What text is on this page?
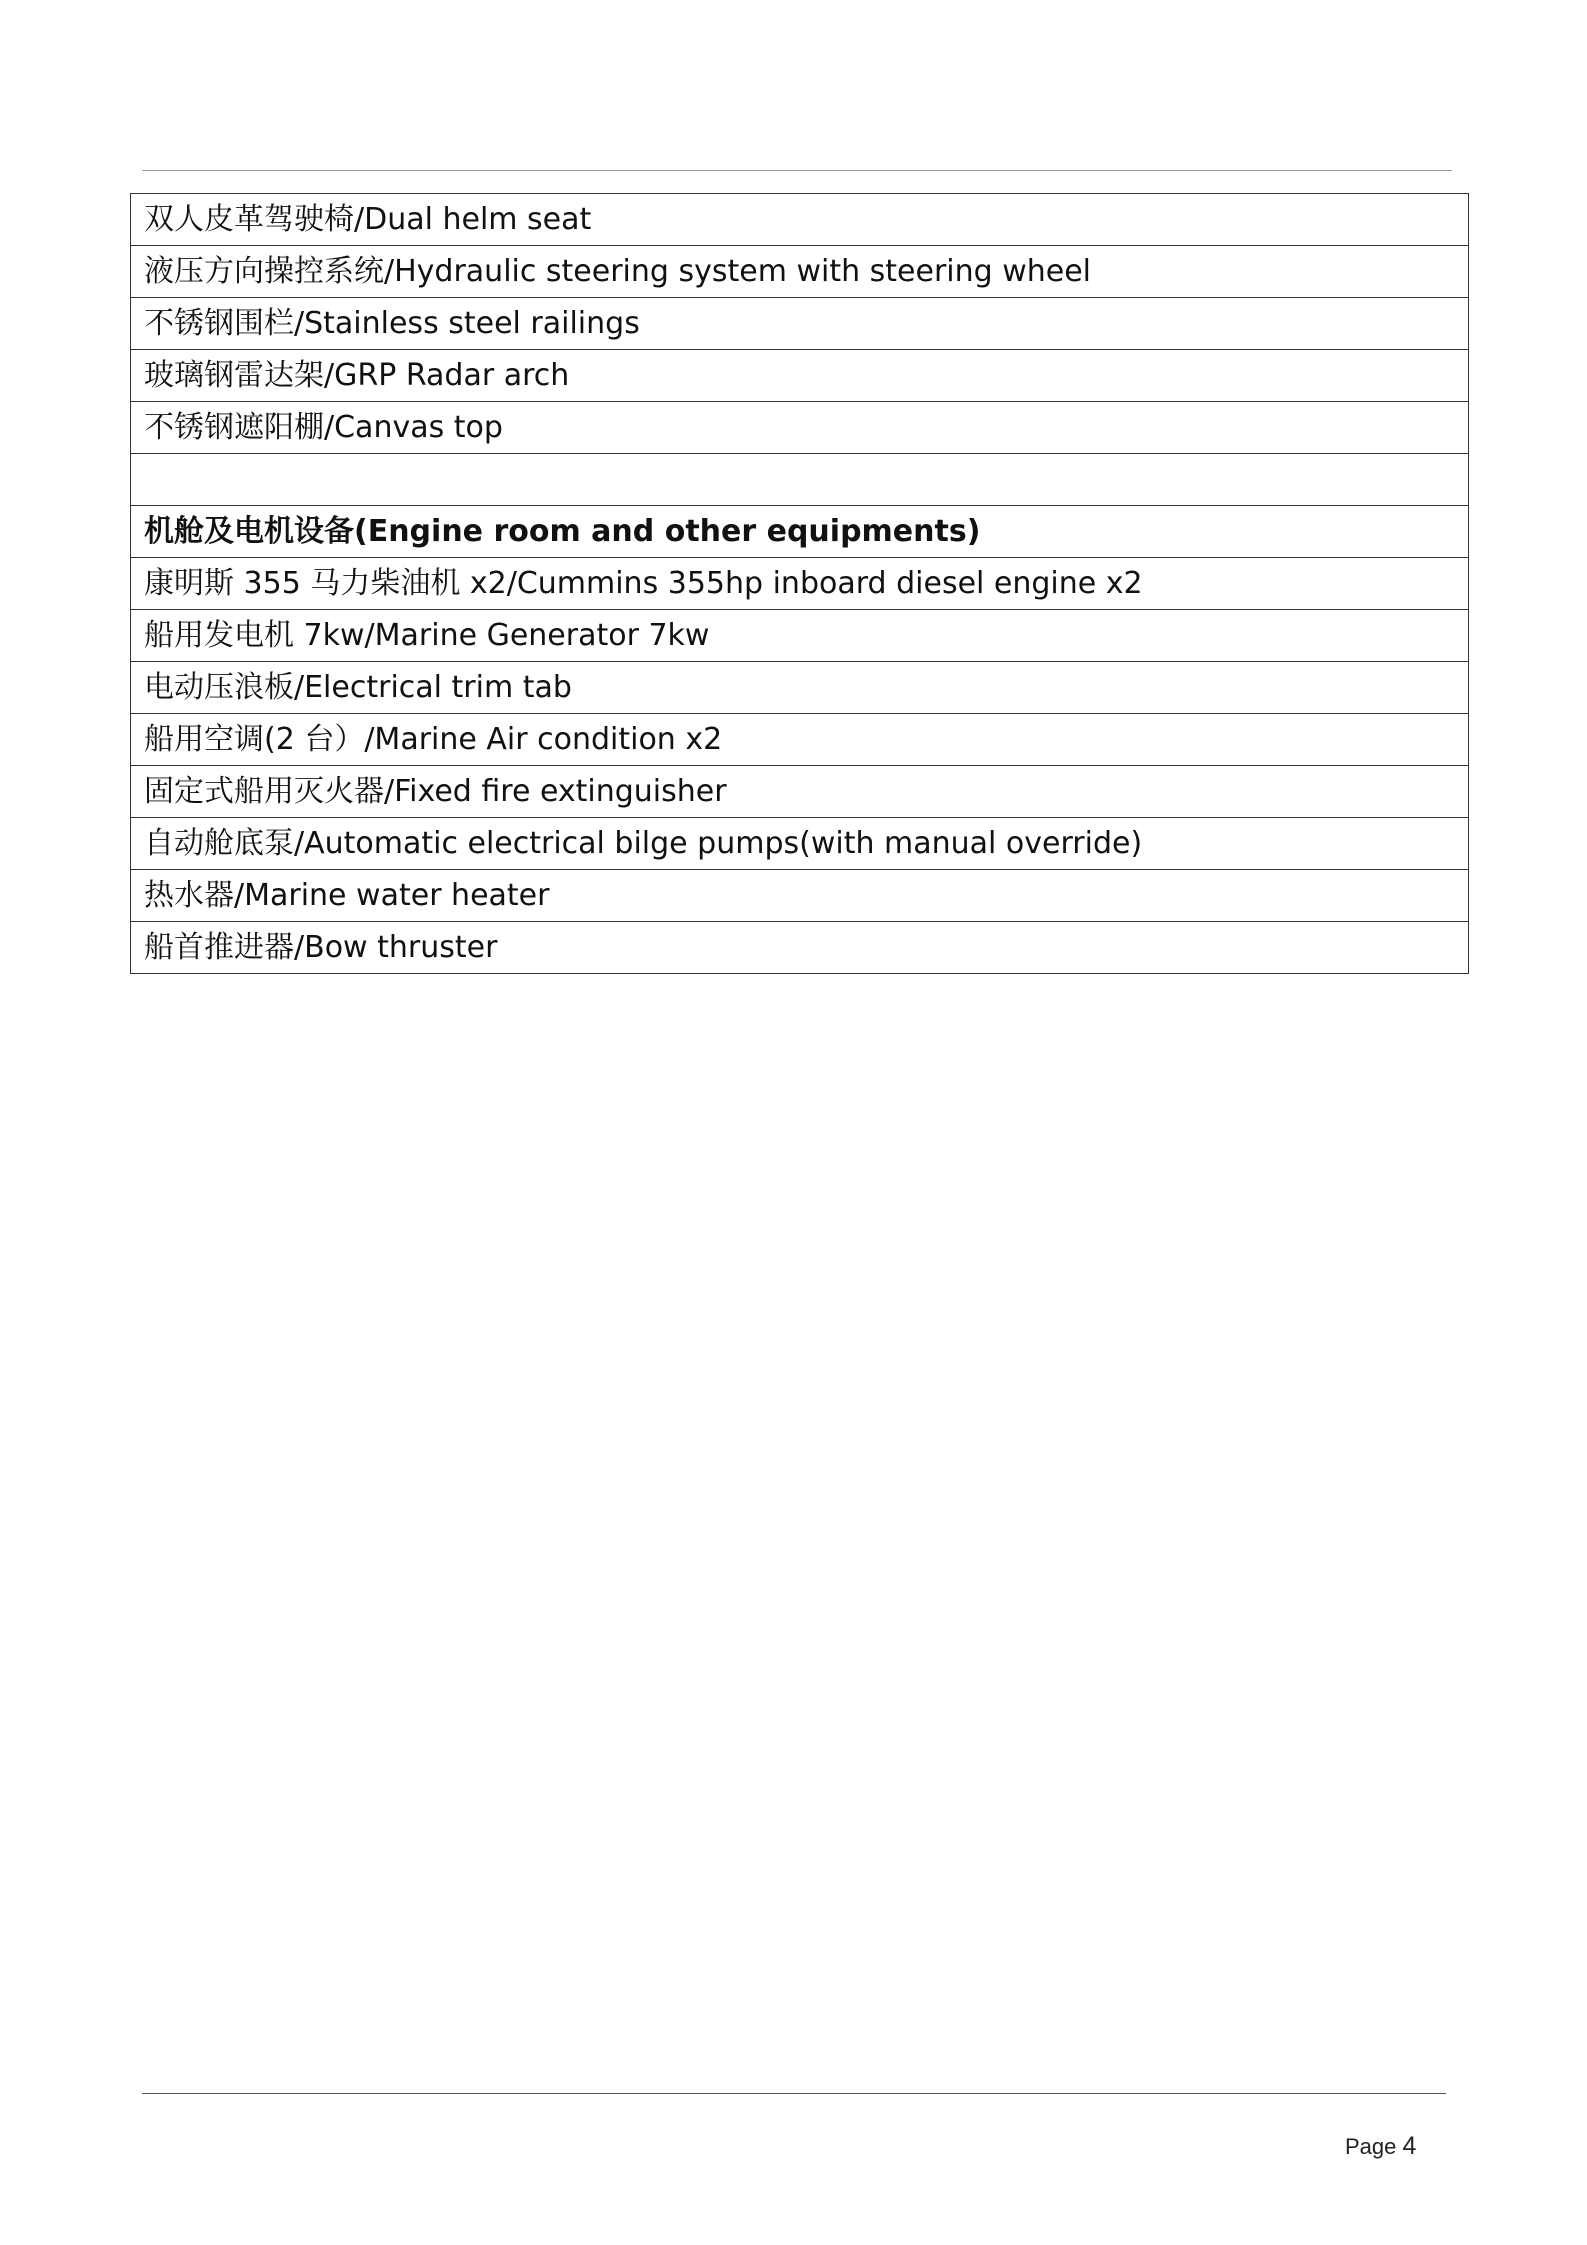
双人皮革驾驶椅/Dual helm seat
液压方向操控系统/Hydraulic steering system with steering wheel
不锈钢围栏/Stainless steel railings
玻璃钢雷达架/GRP Radar arch
不锈钢遮阳棚/Canvas top

机舱及电机设备(Engine room and other equipments)
康明斯 355 马力柴油机 x2/Cummins 355hp inboard diesel engine x2
船用发电机 7kw/Marine Generator 7kw
电动压浪板/Electrical trim tab
船用空调(2 台）/Marine Air condition x2
固定式船用灭火器/Fixed fire extinguisher
自动舱底泵/Automatic electrical bilge pumps(with manual override)
热水器/Marine water heater
船首推进器/Bow thruster
Page 4
